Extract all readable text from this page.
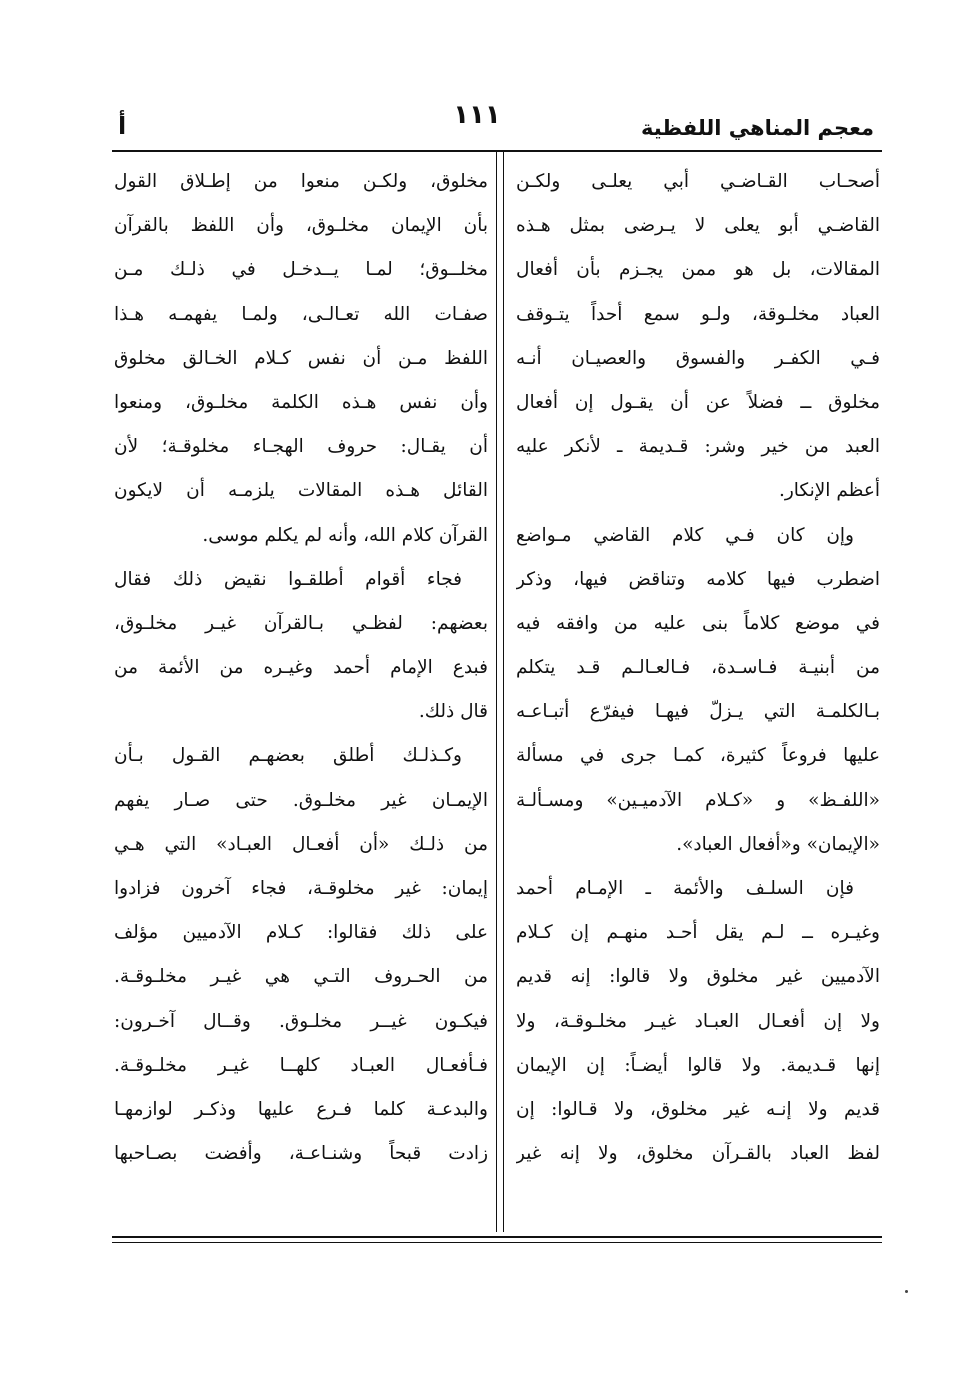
معجم المناهي اللفظية
١١١
أ
أصحـاب القـاضـي أبي يعلـى ولكـن
القاضـي أبو يعلى لا يـرضى بمثل هـذه
المقالات، بل هو ممن يجـزم بأن أفعال
العباد مخلـوقة، ولـو سمع أحداً يتـوقف
فـي الكفـر والفسوق والعصيـان أنـه
مخلوق ــ فضلاً عن أن يقـول إن أفعال
العبد من خير وشر: قـديمة ـ لأنكر عليه
أعظم الإنكار.
وإن كان فـي كلام القاضي مـواضع
اضطرب فيها كلامه وتناقض فيها، وذكر
في موضع كلاماً بنى عليه من وافقه فيه
من أبنيـة فـاسـدة، فـالعـالـم قـد يتكلم
بـالكلمـة التي يـزلّ فيهـا فيفرّع أتبـاعـه
عليها فروعاً كثيرة، كمـا جرى في مسألة
«اللفـظ» و «كـلام الآدميـين» ومسـألـة
«الإيمان» و«أفعال العباد».
فإن السلـف والأئمة ـ الإمـام أحمد
وغيـره ــ لـم يقل أحـد منهـم إن كـلام
الآدميين غير مخلوق ولا قالوا: إنه قديم
ولا إن أفعـال العبـاد غيـر مخلـوقـة، ولا
إنها قـديمة. ولا قالوا أيضـاً: إن الإيمان
قديم ولا إنـه غير مخلوق، ولا قـالوا: إن
لفظ العباد بالقـرآن مخلوق، ولا إنه غير
مخلوق، ولكـن منعوا من إطـلاق القول
بأن الإيمان مخلـوق، وأن اللفظ بالقرآن
مخلــوق؛ لمـا يــدخـل في ذلـك مـن
صفـات الله تعـالـى، ولمـا يفهمـه هـذا
اللفظ مـن أن نفس كـلام الخـالق مخلوق
وأن نفس هـذه الكلمة مخلـوق، ومنعوا
أن يقـال: حروف الهجـاء مخلوقـة؛ لأن
القائل هـذه المقالات يلزمـه أن لايكون
القرآن كلام الله، وأنه لم يكلم موسى.
فجاء أقوام أطلقـوا نقيض ذلك فقال
بعضهم: لفظـي بـالقرآن غيـر مخلـوق،
فبدع الإمام أحمد وغيـره من الأئمة من
قال ذلك.
وكـذلـك أطلق بعضهـم القـول بـأن
الإيمـان غير مخلـوق. حتى صـار يفهم
من ذلـك «أن أفعـال العبـاد» التي هـي
إيمان: غير مخلوقـة، فجاء آخرون فزادوا
على ذلك فقالوا: كـلام الآدميين مؤلف
من الحـروف التـي هي غيـر مخلـوقـة.
فيكـون غيــر مخلـوق. وقــال آخـرون:
فـأفعـال العبـاد كلهــا غيـر مخلـوقـة.
والبدعـة كلما فـرع عليها وذكـر لوازمهـا
زادت قبحاً وشنـاعـة، وأفضت بصـاحبها
